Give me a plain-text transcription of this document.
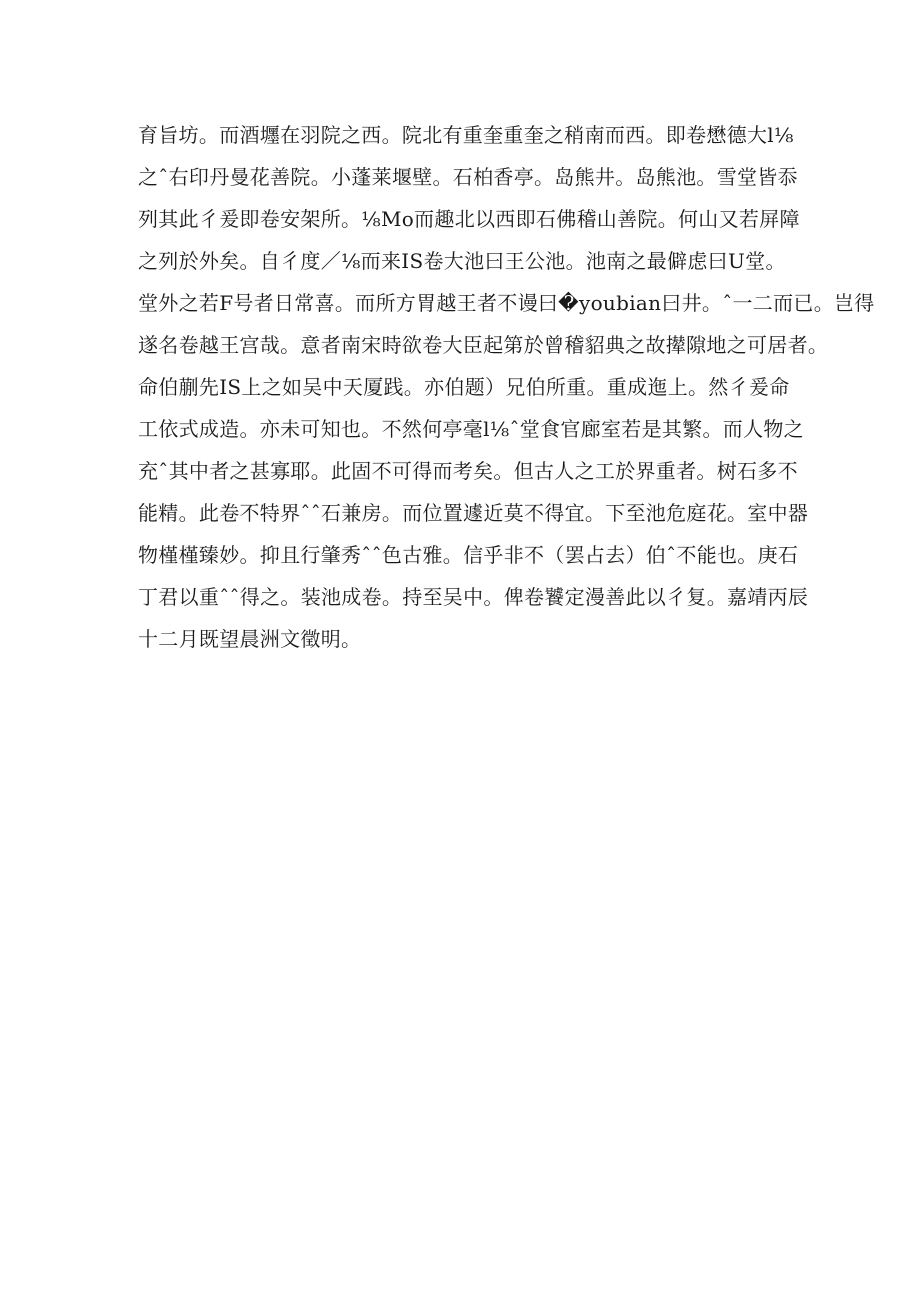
育旨坊。而酒壥在羽院之西。院北有重奎重奎之稍南而西。即卷懋德大l⅛
之ˆ右印丹曼花善院。小蓬莱堰壁。石柏香亭。岛熊井。岛熊池。雪堂皆忝
列其此彳爰即卷安架所。⅛Mo而趣北以西即石佛稽山善院。何山又若屏障
之列於外矣。自彳度／⅛而来IS卷大池曰王公池。池南之最僻虑曰U堂。
堂外之若F号者日常喜。而所方胃越王者不谩曰�youbian曰井。ˆ一二而已。岂得
遂名卷越王宫哉。意者南宋時欲卷大臣起第於曾稽貂典之故撵隙地之可居者。
命伯蒯先IS上之如吴中天厦践。亦伯题）兄伯所重。重成迤上。然彳爰命
工依式成造。亦未可知也。不然何亭毫l⅛ˆ堂食官廊室若是其繁。而人物之
充ˆ其中者之甚寡耶。此固不可得而考矣。但古人之工於界重者。树石多不
能精。此卷不特界ˆˆ石兼房。而位置遽近莫不得宜。下至池危庭花。室中器
物槿槿臻妙。抑且行肇秀ˆˆ色古雅。信乎非不（罢占去）伯ˆ不能也。庚石
丁君以重ˆˆ得之。装池成卷。持至吴中。俾卷饕定漫善此以彳复。嘉靖丙辰
十二月既望晨洲文徵明。
